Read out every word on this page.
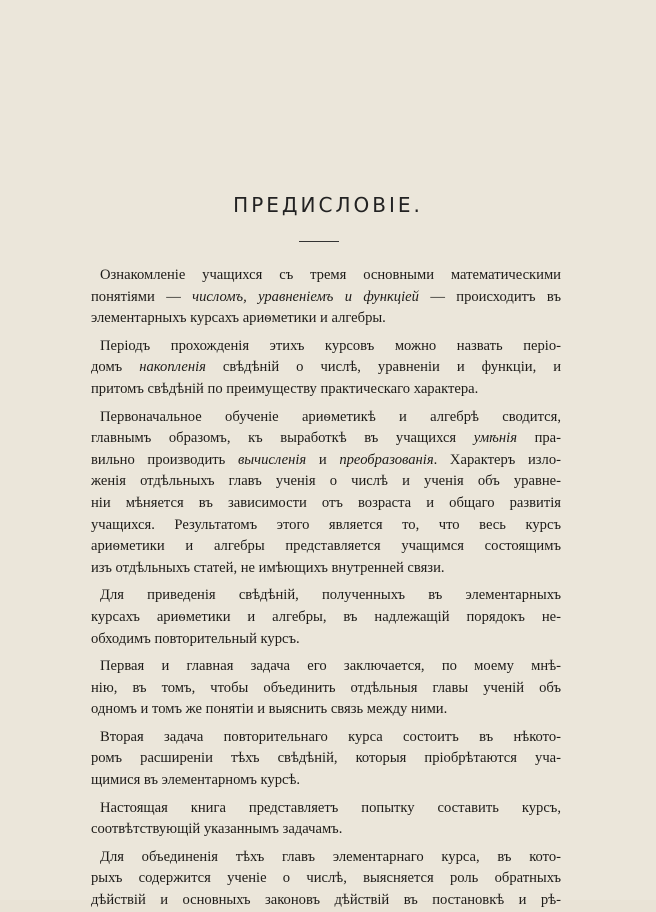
ПРЕДИСЛОВІЕ.
Ознакомленіе учащихся съ тремя основными математическими
понятіями — числомъ, уравненіемъ и функціей — происходитъ въ
элементарныхъ курсахъ ариѳметики и алгебры.
Періодъ прохожденія этихъ курсовъ можно назвать періо-
домъ накопленія свѣдѣній о числѣ, уравненіи и функціи, и
притомъ свѣдѣній по преимуществу практическаго характера.
Первоначальное обученіе ариѳметикѣ и алгебрѣ сводится,
главнымъ образомъ, къ выработкѣ въ учащихся умѣнія пра-
вильно производить вычисленія и преобразованія. Характеръ изло-
женія отдѣльныхъ главъ ученія о числѣ и ученія объ уравне-
ніи мѣняется въ зависимости отъ возраста и общаго развитія
учащихся. Результатомъ этого является то, что весь курсъ
ариѳметики и алгебры представляется учащимся состоящимъ
изъ отдѣльныхъ статей, не имѣющихъ внутренней связи.
Для приведенія свѣдѣній, полученныхъ въ элементарныхъ
курсахъ ариѳметики и алгебры, въ надлежащій порядокъ не-
обходимъ повторительный курсъ.
Первая и главная задача его заключается, по моему мнѣ-
нію, въ томъ, чтобы объединить отдѣльныя главы ученій объ
одномъ и томъ же понятіи и выяснить связь между ними.
Вторая задача повторительнаго курса состоитъ въ нѣкото-
ромъ расширеніи тѣхъ свѣдѣній, которыя пріобрѣтаются уча-
щимися въ элементарномъ курсѣ.
Настоящая книга представляетъ попытку составить курсъ,
соотвѣтствующій указаннымъ задачамъ.
Для объединенія тѣхъ главъ элементарнаго курса, въ кото-
рыхъ содержится ученіе о числѣ, выясняется роль обратныхъ
дѣйствій и основныхъ законовъ дѣйствій въ постановкѣ и рѣ-
